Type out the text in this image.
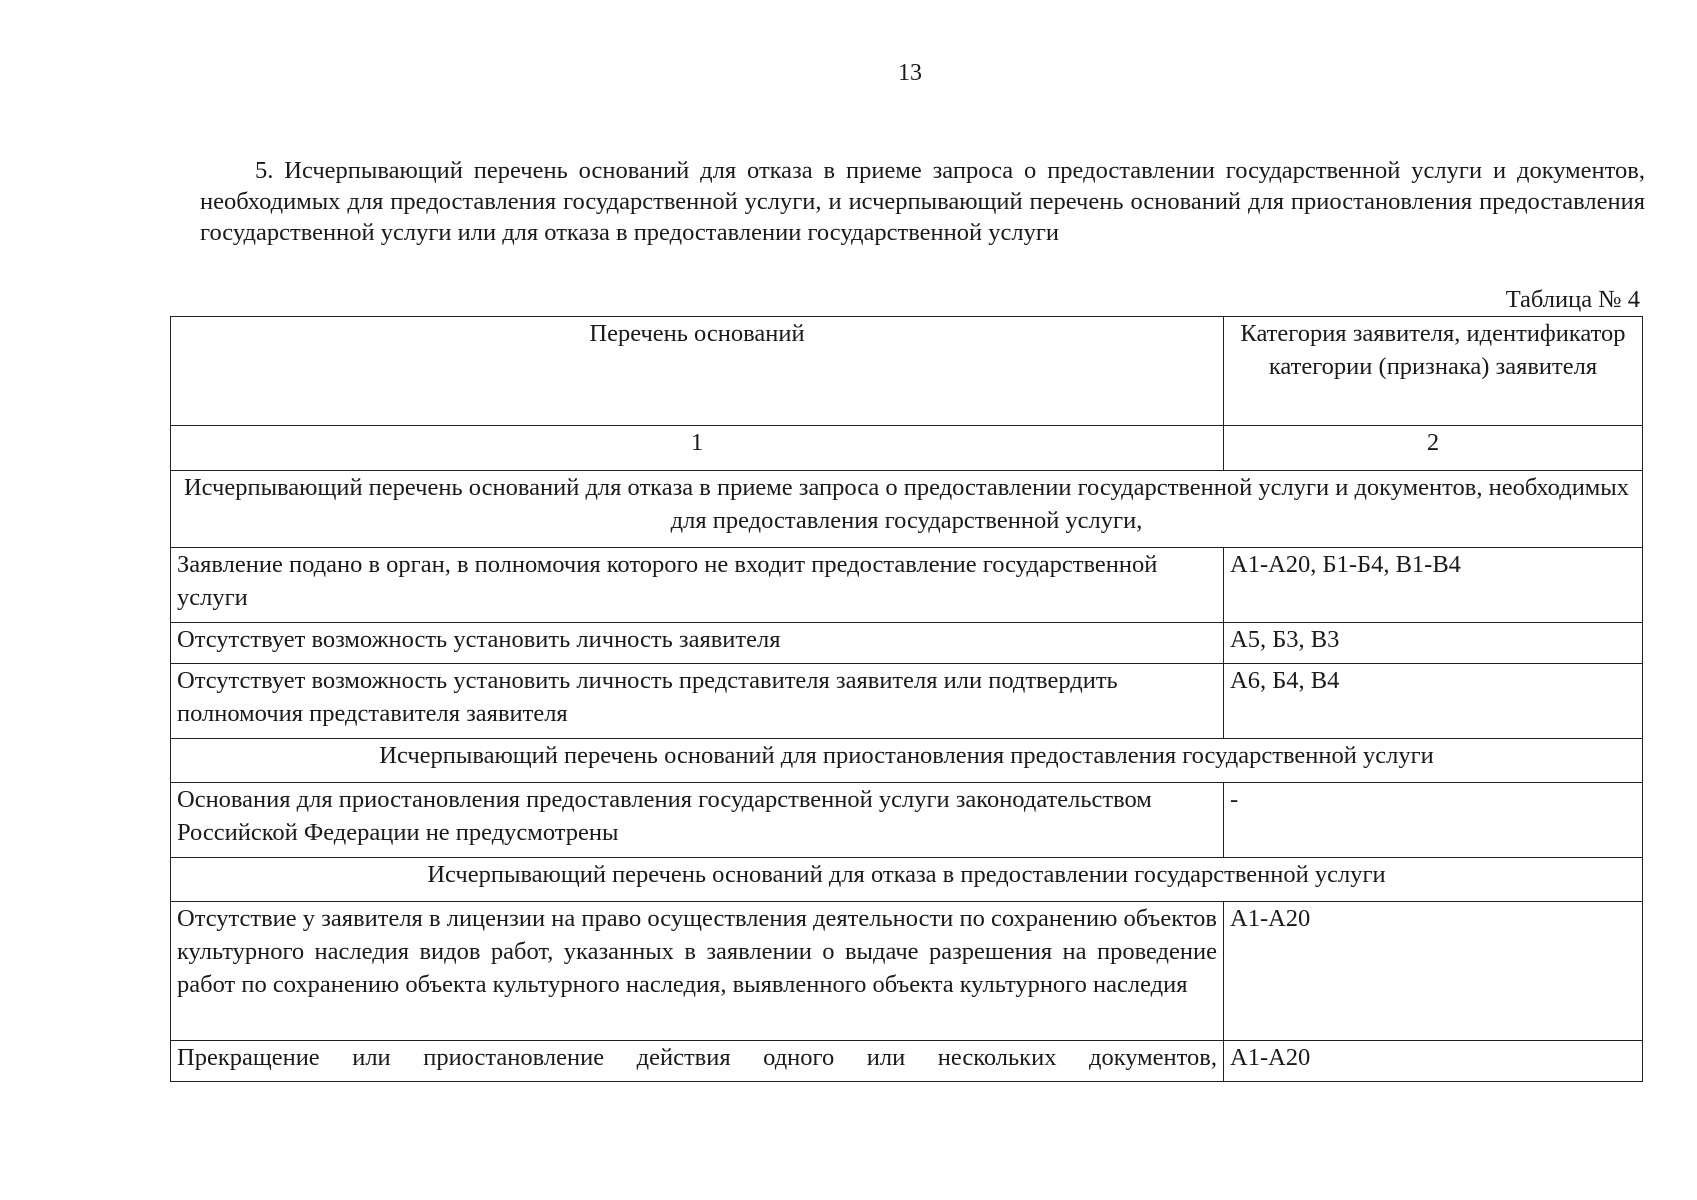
13
5. Исчерпывающий перечень оснований для отказа в приеме запроса о предоставлении государственной услуги и документов, необходимых для предоставления государственной услуги, и исчерпывающий перечень оснований для приостановления предоставления государственной услуги или для отказа в предоставлении государственной услуги
Таблица № 4
Перечень оснований	Категория заявителя, идентификатор категории (признака) заявителя
1	2
Исчерпывающий перечень оснований для отказа в приеме запроса о предоставлении государственной услуги и документов, необходимых для предоставления государственной услуги,	
Заявление подано в орган, в полномочия которого не входит предоставление государственной услуги	А1-А20, Б1-Б4, В1-В4
Отсутствует возможность установить личность заявителя	А5, Б3, В3
Отсутствует возможность установить личность представителя заявителя или подтвердить полномочия представителя заявителя	А6, Б4, В4
Исчерпывающий перечень оснований для приостановления предоставления государственной услуги	
Основания для приостановления предоставления государственной услуги законодательством Российской Федерации не предусмотрены	-
Исчерпывающий перечень оснований для отказа в предоставлении государственной услуги	
Отсутствие у заявителя в лицензии на право осуществления деятельности по сохранению объектов культурного наследия видов работ, указанных в заявлении о выдаче разрешения на проведение работ по сохранению объекта культурного наследия, выявленного объекта культурного наследия	А1-А20
Прекращение или приостановление действия одного или нескольких документов,	А1-А20
